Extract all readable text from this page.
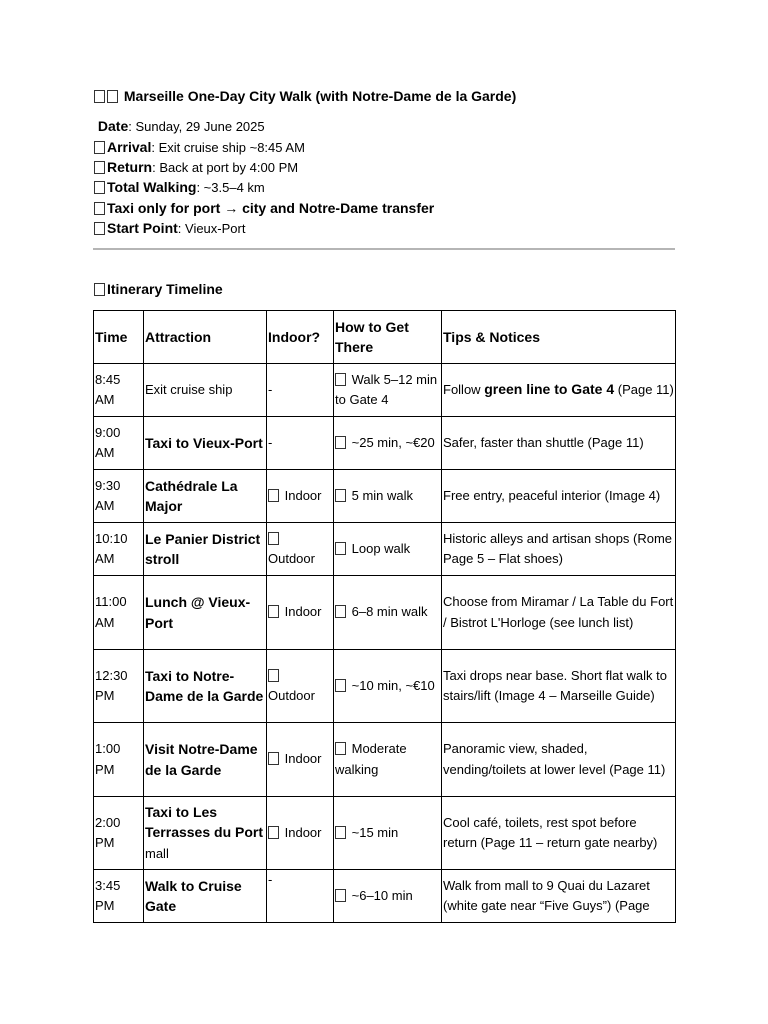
Marseille One-Day City Walk (with Notre-Dame de la Garde)
Date: Sunday, 29 June 2025
Arrival: Exit cruise ship ~8:45 AM
Return: Back at port by 4:00 PM
Total Walking: ~3.5–4 km
Taxi only for port → city and Notre-Dame transfer
Start Point: Vieux-Port
Itinerary Timeline
Time	Attraction	Indoor?	How to Get There	Tips & Notices
8:45 AM	Exit cruise ship	-	Walk 5–12 min to Gate 4	Follow green line to Gate 4 (Page 11)
9:00 AM	Taxi to Vieux-Port	-	~25 min, ~€20	Safer, faster than shuttle (Page 11)
9:30 AM	Cathédrale La Major	Indoor	5 min walk	Free entry, peaceful interior (Image 4)
10:10 AM	Le Panier District stroll	Outdoor	Loop walk	Historic alleys and artisan shops (Rome Page 5 – Flat shoes)
11:00 AM	Lunch @ Vieux-Port	Indoor	6–8 min walk	Choose from Miramar / La Table du Fort / Bistrot L'Horloge (see lunch list)
12:30 PM	Taxi to Notre-Dame de la Garde	Outdoor	~10 min, ~€10	Taxi drops near base. Short flat walk to stairs/lift (Image 4 – Marseille Guide)
1:00 PM	Visit Notre-Dame de la Garde	Indoor	Moderate walking	Panoramic view, shaded, vending/toilets at lower level (Page 11)
2:00 PM	Taxi to Les Terrasses du Port mall	Indoor	~15 min	Cool café, toilets, rest spot before return (Page 11 – return gate nearby)
3:45 PM	Walk to Cruise Gate	-	~6–10 min	Walk from mall to 9 Quai du Lazaret (white gate near “Five Guys”) (Page
